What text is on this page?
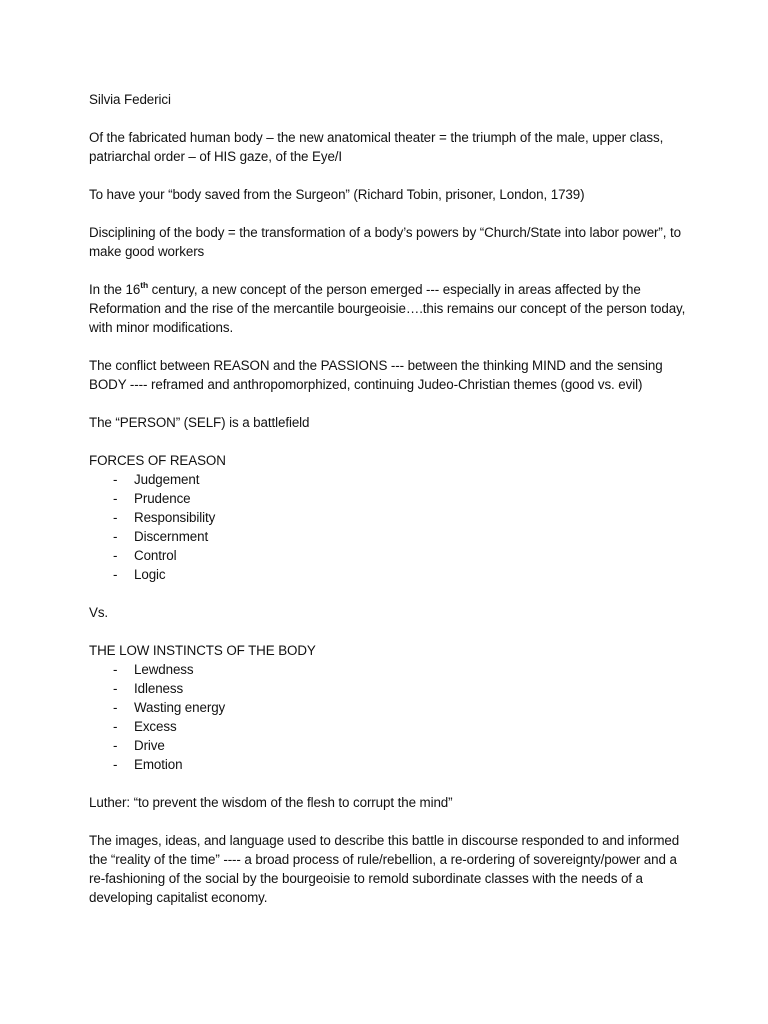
Silvia Federici

Of the fabricated human body – the new anatomical theater = the triumph of the male, upper class, patriarchal order – of HIS gaze, of the Eye/I

To have your “body saved from the Surgeon” (Richard Tobin, prisoner, London, 1739)

Disciplining of the body = the transformation of a body’s powers by “Church/State into labor power”, to make good workers

In the 16th century, a new concept of the person emerged --- especially in areas affected by the Reformation and the rise of the mercantile bourgeoisie….this remains our concept of the person today, with minor modifications.

The conflict between REASON and the PASSIONS --- between the thinking MIND and the sensing BODY ---- reframed and anthropomorphized, continuing Judeo-Christian themes (good vs. evil)

The “PERSON” (SELF) is a battlefield

FORCES OF REASON

- Judgement
- Prudence
- Responsibility
- Discernment
- Control
- Logic

Vs.

THE LOW INSTINCTS OF THE BODY

- Lewdness
- Idleness
- Wasting energy
- Excess
- Drive
- Emotion

Luther: “to prevent the wisdom of the flesh to corrupt the mind”

The images, ideas, and language used to describe this battle in discourse responded to and informed the “reality of the time” ---- a broad process of rule/rebellion, a re-ordering of sovereignty/power and a re-fashioning of the social by the bourgeoisie to remold subordinate classes with the needs of a developing capitalist economy.
